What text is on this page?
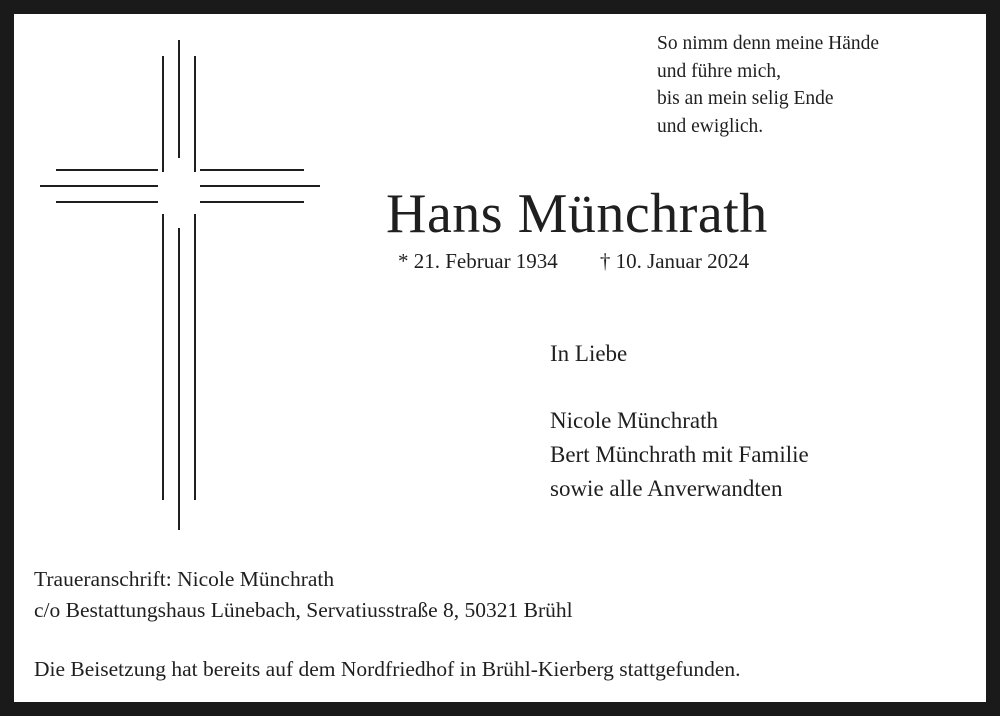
So nimm denn meine Hände
und führe mich,
bis an mein selig Ende
und ewiglich.
Hans Münchrath
* 21. Februar 1934 † 10. Januar 2024
In Liebe
Nicole Münchrath
Bert Münchrath mit Familie
sowie alle Anverwandten
Traueranschrift: Nicole Münchrath
c/o Bestattungshaus Lünebach, Servatiusstraße 8, 50321 Brühl
Die Beisetzung hat bereits auf dem Nordfriedhof in Brühl-Kierberg stattgefunden.
